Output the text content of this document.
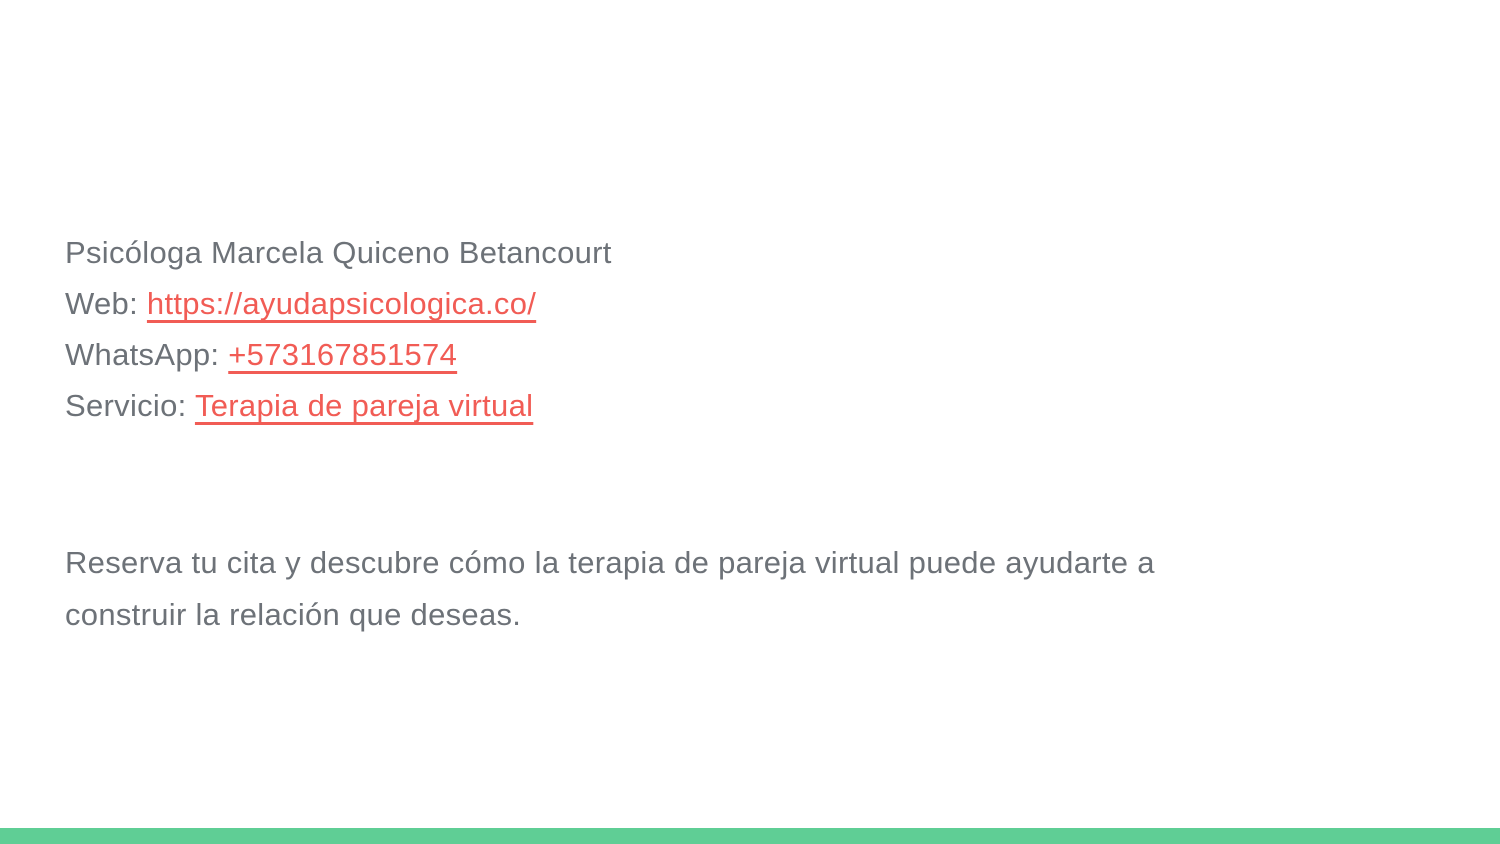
Psicóloga Marcela Quiceno Betancourt
Web: https://ayudapsicologica.co/
WhatsApp: +573167851574
Servicio: Terapia de pareja virtual
Reserva tu cita y descubre cómo la terapia de pareja virtual puede ayudarte a
construir la relación que deseas.
